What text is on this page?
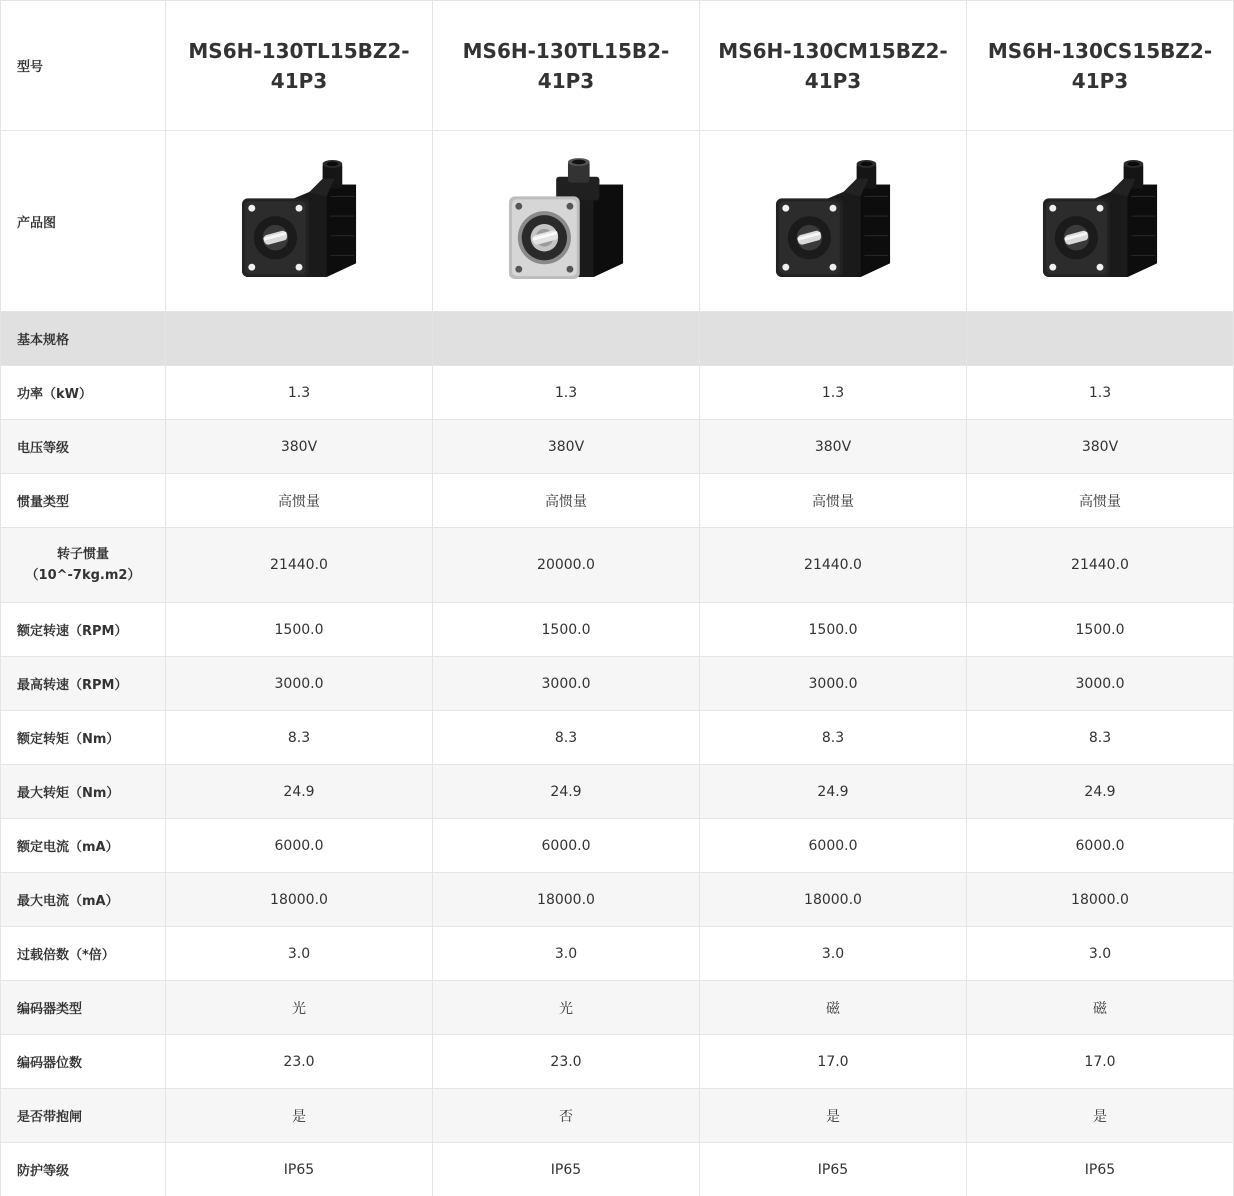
型号	MS6H-130TL15BZ2-41P3	MS6H-130TL15B2-41P3	MS6H-130CM15BZ2-41P3	MS6H-130CS15BZ2-41P3
产品图	

基本规格				
功率（kW）	1.3	1.3	1.3	1.3
电压等级	380V	380V	380V	380V
惯量类型	高惯量	高惯量	高惯量	高惯量
转子惯量（10^-7kg.m2）	21440.0	20000.0	21440.0	21440.0
额定转速（RPM）	1500.0	1500.0	1500.0	1500.0
最高转速（RPM）	3000.0	3000.0	3000.0	3000.0
额定转矩（Nm）	8.3	8.3	8.3	8.3
最大转矩（Nm）	24.9	24.9	24.9	24.9
额定电流（mA）	6000.0	6000.0	6000.0	6000.0
最大电流（mA）	18000.0	18000.0	18000.0	18000.0
过载倍数（*倍）	3.0	3.0	3.0	3.0
编码器类型	光	光	磁	磁
编码器位数	23.0	23.0	17.0	17.0
是否带抱闸	是	否	是	是
防护等级	IP65	IP65	IP65	IP65
